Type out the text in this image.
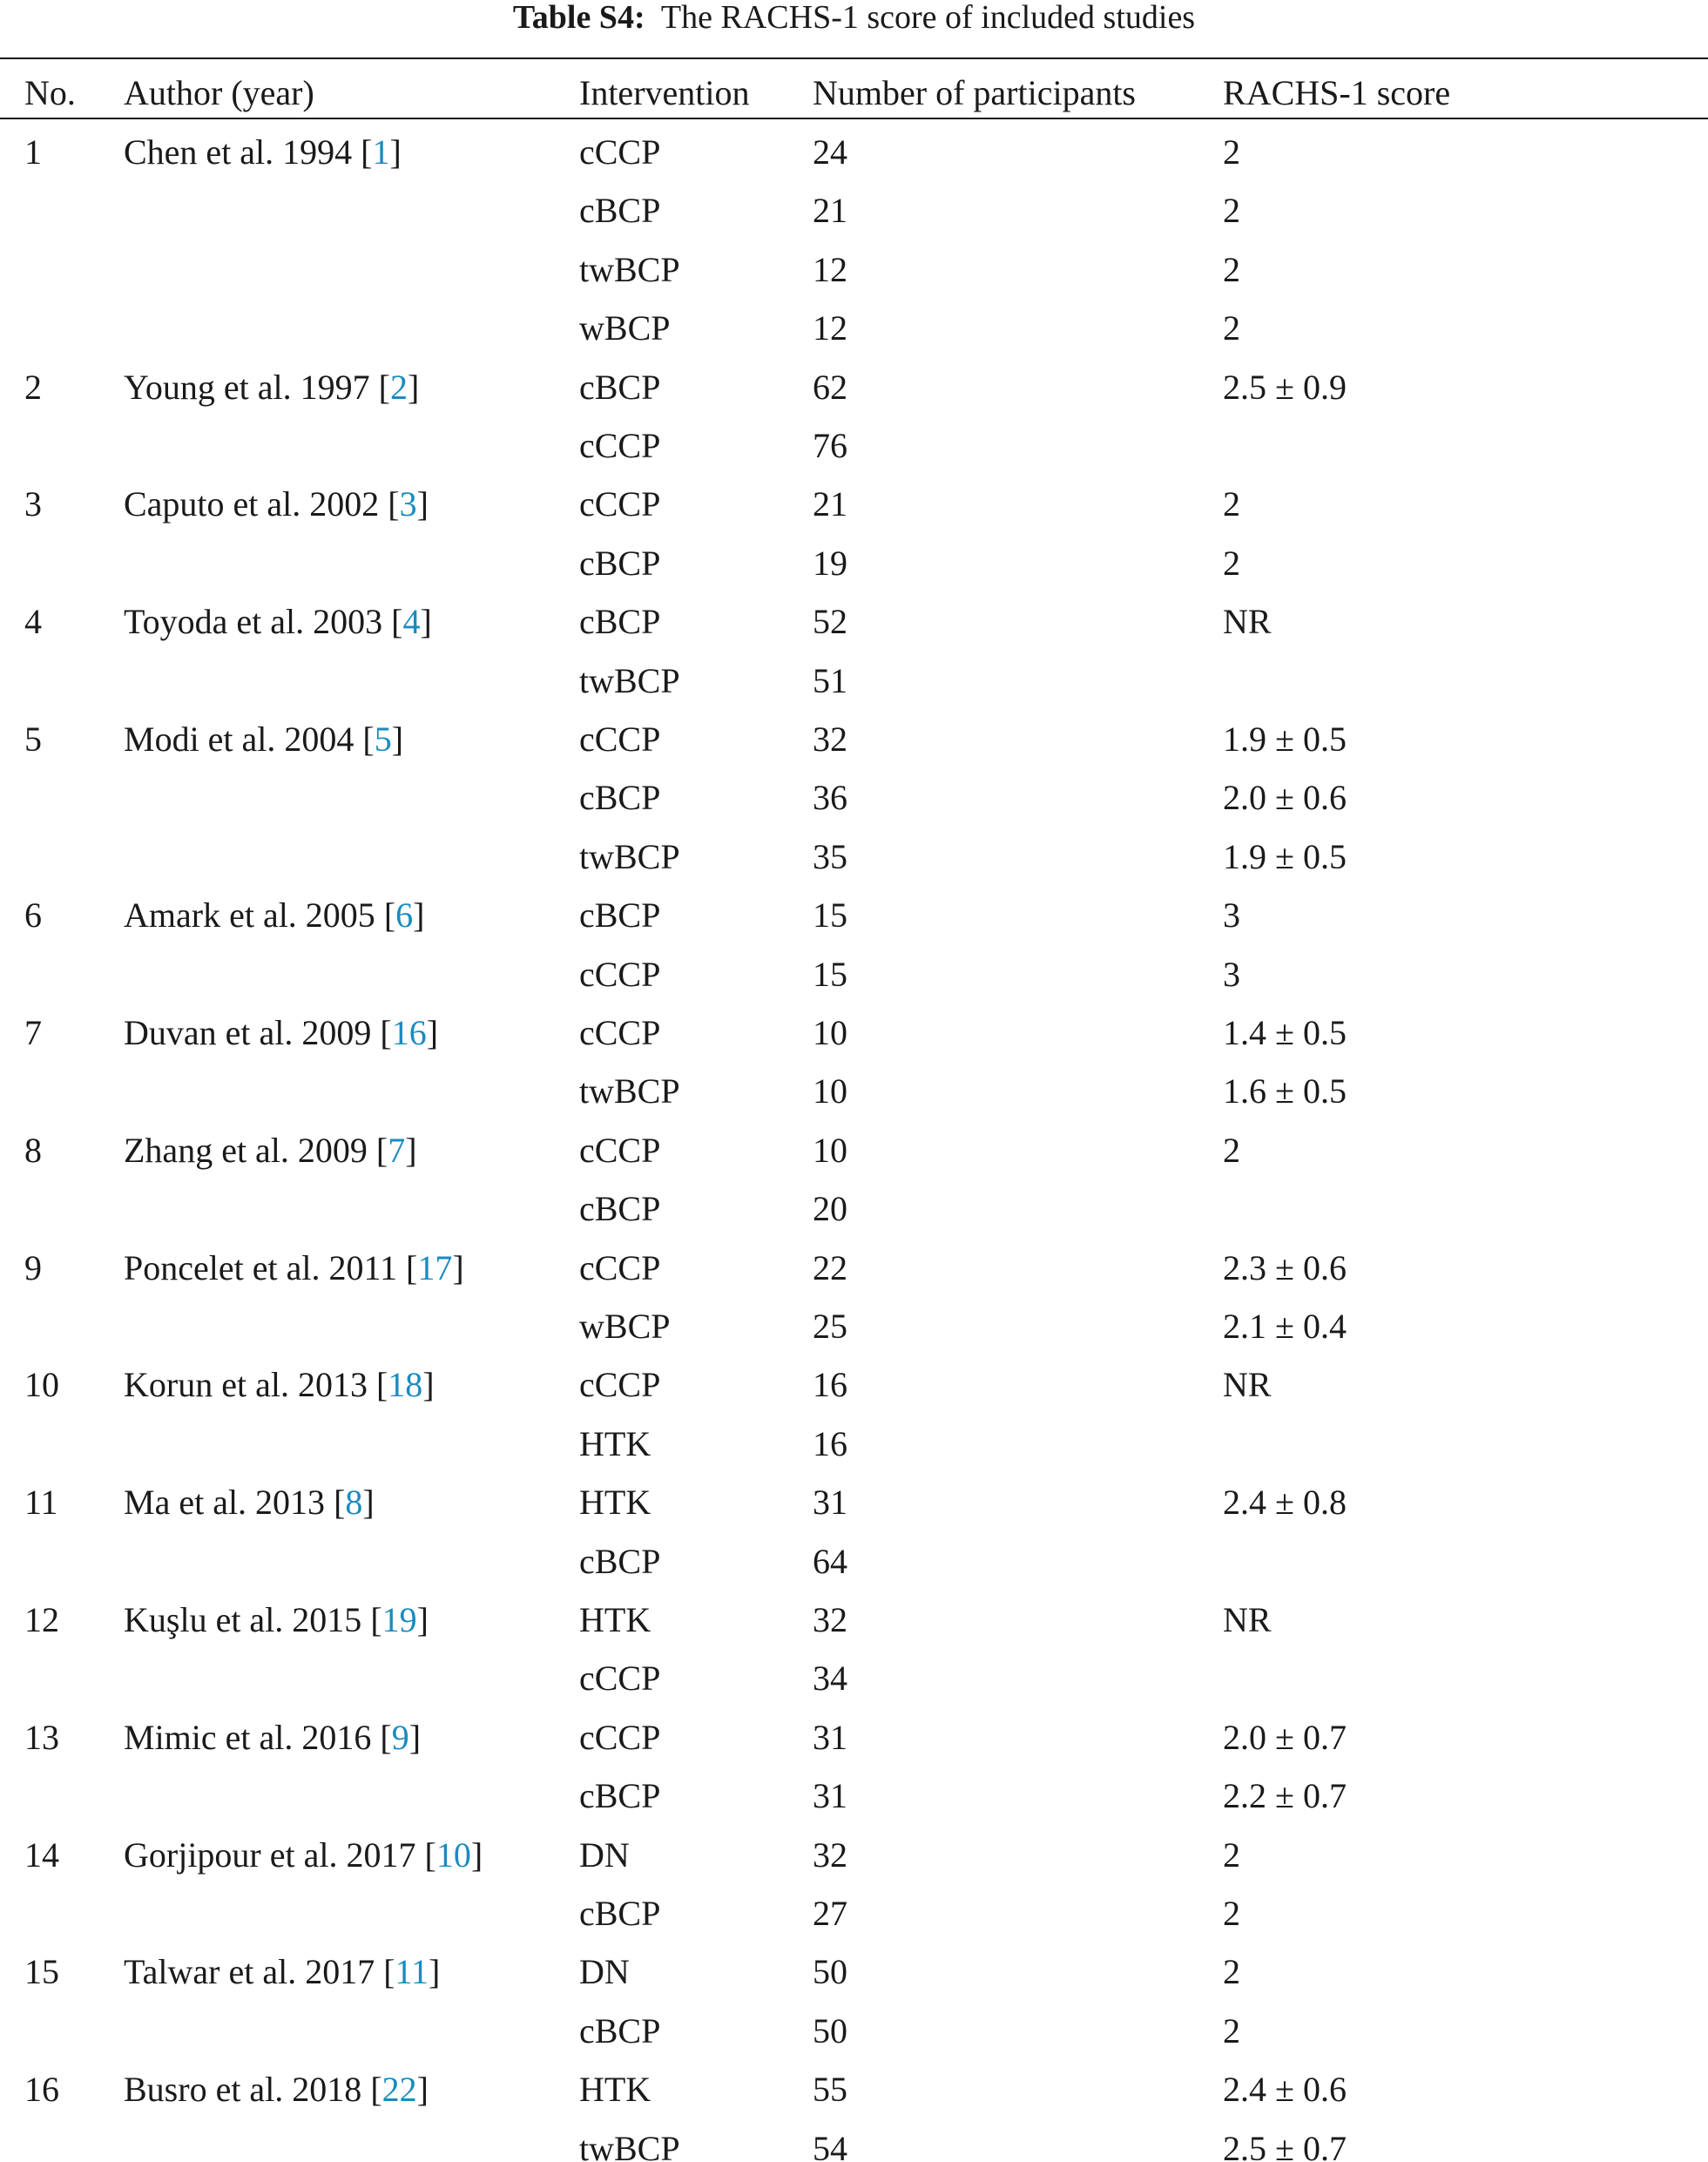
Table S4: The RACHS-1 score of included studies
No. Author (year)	Intervention Number of participants	RACHS-1 score
1 Chen et al. 1994 [1]	cCCP	24	2
cBCP	21	2
twBCP	12	2
wBCP	12	2
2 Young et al. 1997 [2]	cBCP	62	2.5 ± 0.9
cCCP	76
3 Caputo et al. 2002 [3]	cCCP	21	2
cBCP	19	2
4 Toyoda et al. 2003 [4]	cBCP	52	NR
twBCP	51
5 Modi et al. 2004 [5]	cCCP	32	1.9 ± 0.5
cBCP	36	2.0 ± 0.6
twBCP	35	1.9 ± 0.5
6 Amark et al. 2005 [6]	cBCP	15	3
cCCP	15	3
7 Duvan et al. 2009 [16]	cCCP	10	1.4 ± 0.5
twBCP	10	1.6 ± 0.5
8 Zhang et al. 2009 [7]	cCCP	10	2
cBCP	20
9 Poncelet et al. 2011 [17]	cCCP	22	2.3 ± 0.6
wBCP	25	2.1 ± 0.4
10 Korun et al. 2013 [18]	cCCP	16	NR
HTK	16
11 Ma et al. 2013 [8]	HTK	31	2.4 ± 0.8
cBCP	64
12 Kuşlu et al. 2015 [19]	HTK	32	NR
cCCP	34
13 Mimic et al. 2016 [9]	cCCP	31	2.0 ± 0.7
cBCP	31	2.2 ± 0.7
14 Gorjipour et al. 2017 [10]	DN	32	2
cBCP	27	2
15 Talwar et al. 2017 [11]	DN	50	2
cBCP	50	2
16 Busro et al. 2018 [22]	HTK	55	2.4 ± 0.6
twBCP	54	2.5 ± 0.7
